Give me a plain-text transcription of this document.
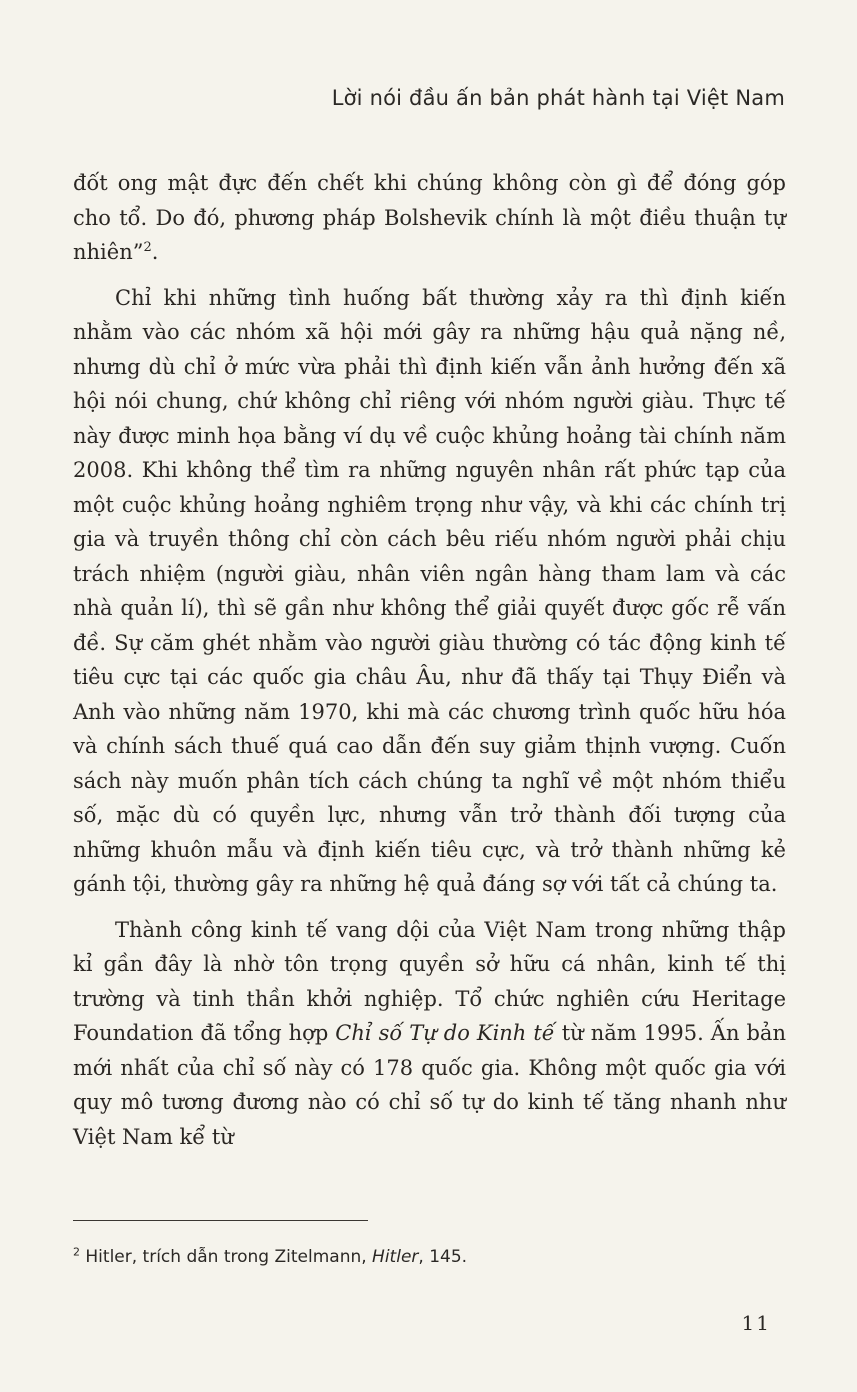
Lời nói đầu ấn bản phát hành tại Việt Nam

đốt ong mật đực đến chết khi chúng không còn gì để đóng góp cho tổ. Do đó, phương pháp Bolshevik chính là một điều thuận tự nhiên”$^2$.

Chỉ khi những tình huống bất thường xảy ra thì định kiến nhằm vào các nhóm xã hội mới gây ra những hậu quả nặng nề, nhưng dù chỉ ở mức vừa phải thì định kiến vẫn ảnh hưởng đến xã hội nói chung, chứ không chỉ riêng với nhóm người giàu. Thực tế này được minh họa bằng ví dụ về cuộc khủng hoảng tài chính năm 2008. Khi không thể tìm ra những nguyên nhân rất phức tạp của một cuộc khủng hoảng nghiêm trọng như vậy, và khi các chính trị gia và truyền thông chỉ còn cách bêu riếu nhóm người phải chịu trách nhiệm (người giàu, nhân viên ngân hàng tham lam và các nhà quản lí), thì sẽ gần như không thể giải quyết được gốc rễ vấn đề. Sự căm ghét nhằm vào người giàu thường có tác động kinh tế tiêu cực tại các quốc gia châu Âu, như đã thấy tại Thụy Điển và Anh vào những năm 1970, khi mà các chương trình quốc hữu hóa và chính sách thuế quá cao dẫn đến suy giảm thịnh vượng. Cuốn sách này muốn phân tích cách chúng ta nghĩ về một nhóm thiểu số, mặc dù có quyền lực, nhưng vẫn trở thành đối tượng của những khuôn mẫu và định kiến tiêu cực, và trở thành những kẻ gánh tội, thường gây ra những hệ quả đáng sợ với tất cả chúng ta.

Thành công kinh tế vang dội của Việt Nam trong những thập kỉ gần đây là nhờ tôn trọng quyền sở hữu cá nhân, kinh tế thị trường và tinh thần khởi nghiệp. Tổ chức nghiên cứu Heritage Foundation đã tổng hợp Chỉ số Tự do Kinh tế từ năm 1995. Ấn bản mới nhất của chỉ số này có 178 quốc gia. Không một quốc gia với quy mô tương đương nào có chỉ số tự do kinh tế tăng nhanh như Việt Nam kể từ

$^2$ Hitler, trích dẫn trong Zitelmann, Hitler, 145.
11
